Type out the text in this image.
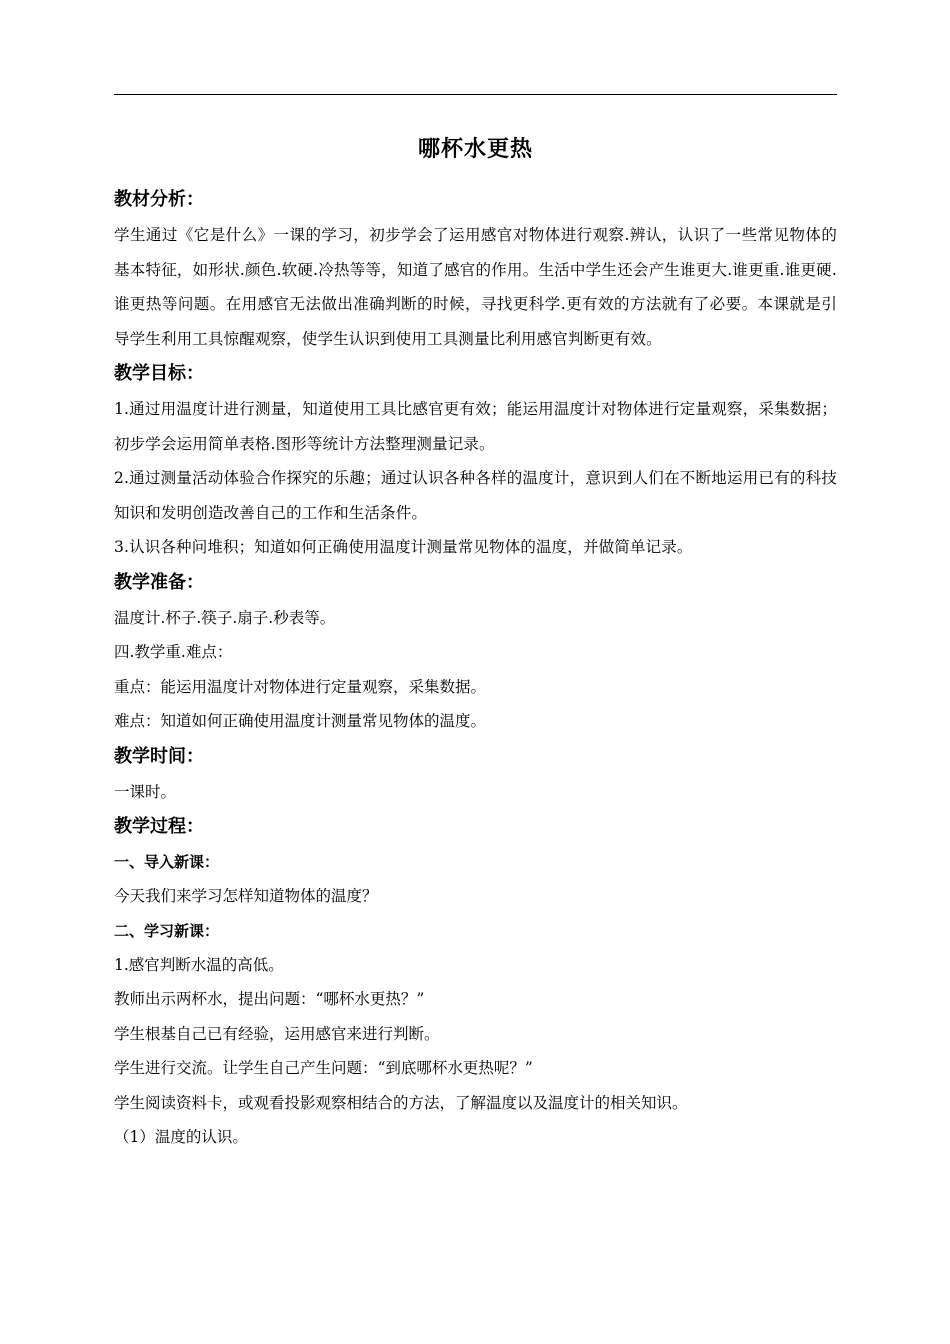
哪杯水更热
教材分析：
学生通过《它是什么》一课的学习，初步学会了运用感官对物体进行观察.辨认，认识了一些常见物体的基本特征，如形状.颜色.软硬.冷热等等，知道了感官的作用。生活中学生还会产生谁更大.谁更重.谁更硬.谁更热等问题。在用感官无法做出准确判断的时候，寻找更科学.更有效的方法就有了必要。本课就是引导学生利用工具惊醒观察，使学生认识到使用工具测量比利用感官判断更有效。
教学目标：
1.通过用温度计进行测量，知道使用工具比感官更有效；能运用温度计对物体进行定量观察，采集数据；初步学会运用简单表格.图形等统计方法整理测量记录。
2.通过测量活动体验合作探究的乐趣；通过认识各种各样的温度计，意识到人们在不断地运用已有的科技知识和发明创造改善自己的工作和生活条件。
3.认识各种问堆积；知道如何正确使用温度计测量常见物体的温度，并做简单记录。
教学准备：
温度计.杯子.筷子.扇子.秒表等。
四.教学重.难点：
重点：能运用温度计对物体进行定量观察，采集数据。
难点：知道如何正确使用温度计测量常见物体的温度。
教学时间：
一课时。
教学过程：
一、导入新课：
今天我们来学习怎样知道物体的温度？
二、学习新课：
1.感官判断水温的高低。
教师出示两杯水，提出问题：“哪杯水更热？”
学生根基自己已有经验，运用感官来进行判断。
学生进行交流。让学生自己产生问题：“到底哪杯水更热呢？”
学生阅读资料卡，或观看投影观察相结合的方法，了解温度以及温度计的相关知识。
（1）温度的认识。
